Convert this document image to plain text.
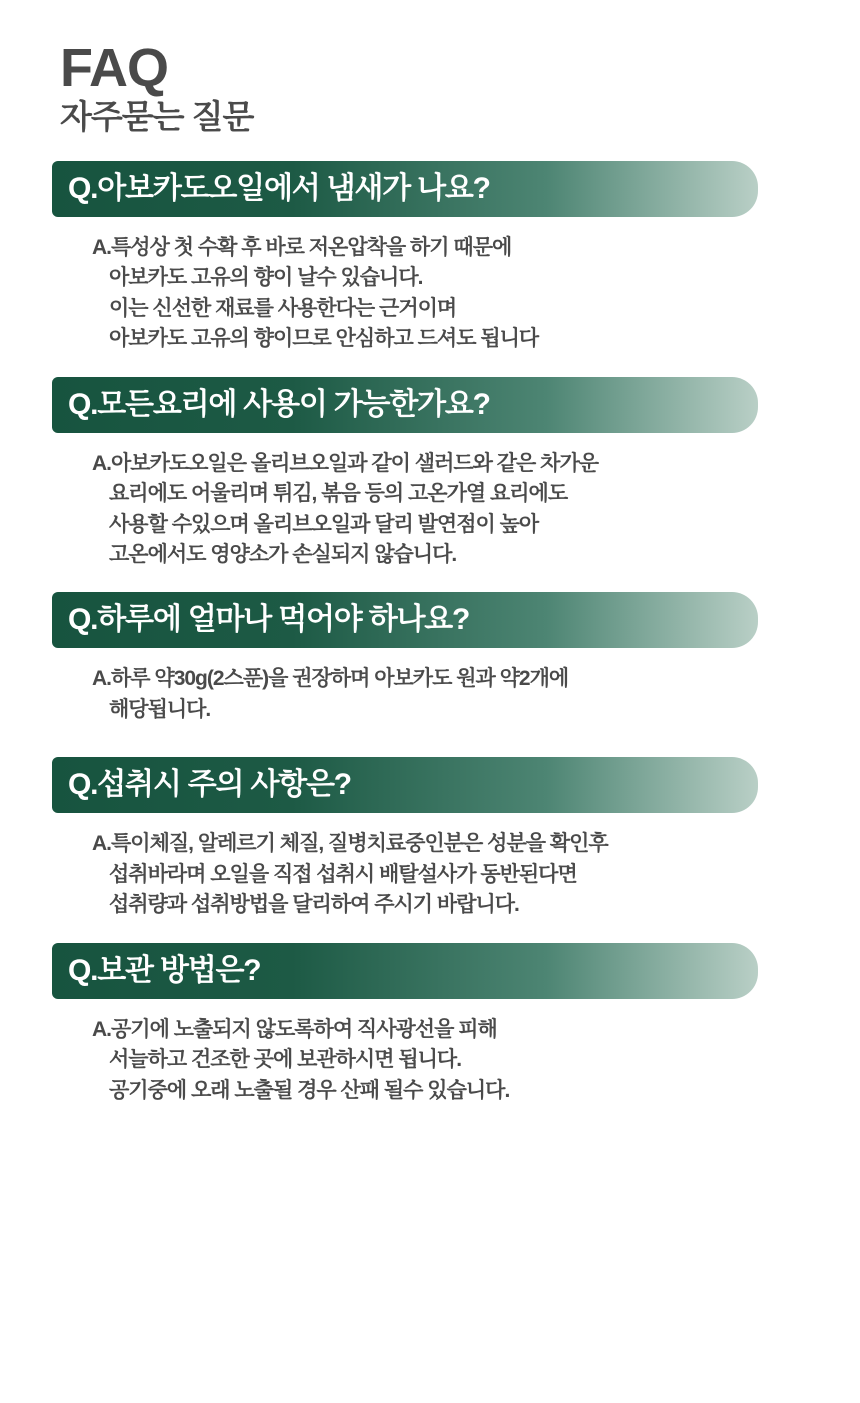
FAQ
자주묻는 질문
Q.아보카도오일에서 냄새가 나요?
A.특성상 첫 수확 후 바로 저온압착을 하기 때문에
아보카도 고유의 향이 날수 있습니다.
이는 신선한 재료를 사용한다는 근거이며
아보카도 고유의 향이므로 안심하고 드셔도 됩니다
Q.모든요리에 사용이 가능한가요?
A.아보카도오일은 올리브오일과 같이 샐러드와 같은 차가운
요리에도 어울리며 튀김, 볶음 등의 고온가열 요리에도
사용할 수있으며 올리브오일과 달리 발연점이 높아
고온에서도 영양소가 손실되지 않습니다.
Q.하루에 얼마나 먹어야 하나요?
A.하루 약30g(2스푼)을 권장하며 아보카도 원과 약2개에
해당됩니다.
Q.섭취시 주의 사항은?
A.특이체질, 알레르기 체질, 질병치료중인분은 성분을 확인후
섭취바라며 오일을 직접 섭취시 배탈설사가 동반된다면
섭취량과 섭취방법을 달리하여 주시기 바랍니다.
Q.보관 방법은?
A.공기에 노출되지 않도록하여 직사광선을 피해
서늘하고 건조한 곳에 보관하시면 됩니다.
공기중에 오래 노출될 경우 산패 될수 있습니다.
